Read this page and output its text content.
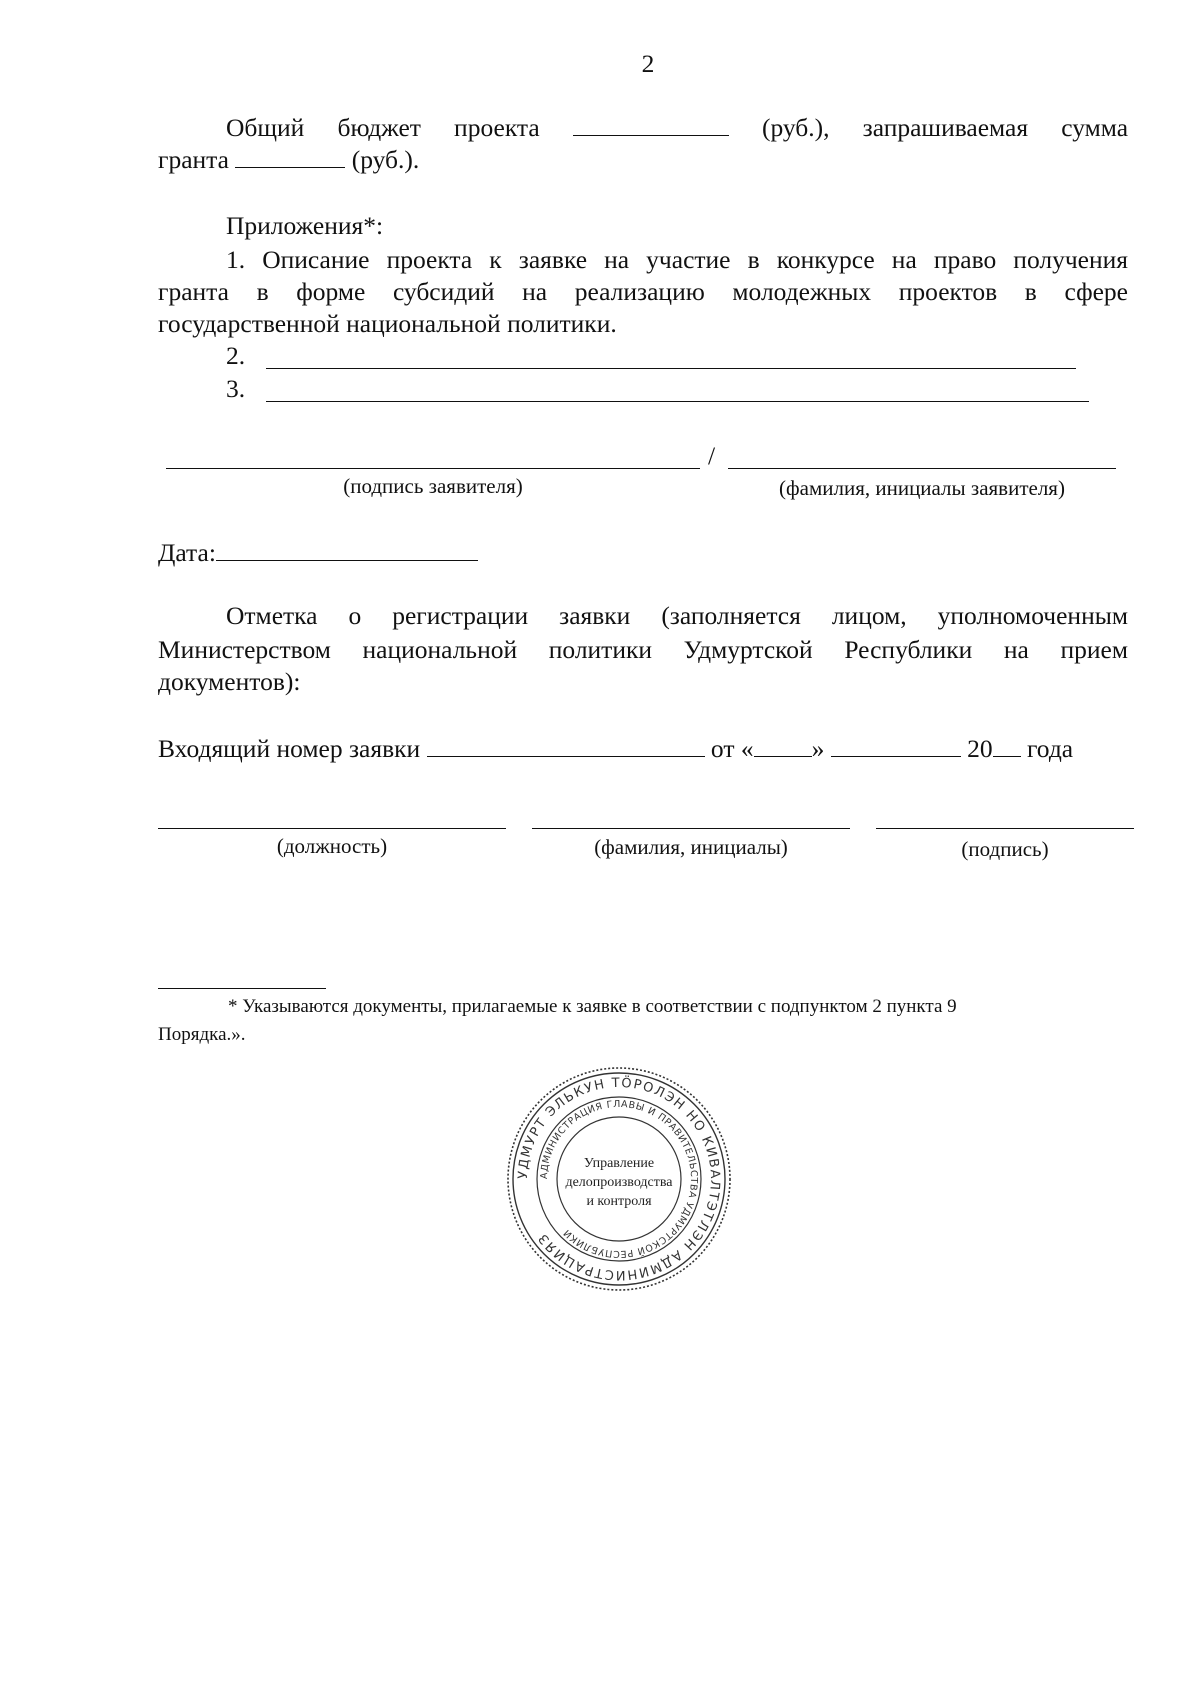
2
Общий бюджет проекта	(руб.), запрашиваемая сумма
гранта	(руб.).
Приложения*:
1. Описание проекта к заявке на участие в конкурсе на право получения
гранта в форме субсидий на реализацию молодежных проектов в сфере
государственной национальной политики.
2.
3.
/
(подпись заявителя)	(фамилия, инициалы заявителя)
Дата:
Отметка о регистрации заявки (заполняется лицом, уполномоченным
Министерством национальной политики Удмуртской Республики на прием
документов):
Входящий номер заявки	от « »	20 года
(должность)	(фамилия, инициалы)	(подпись)
* Указываются документы, прилагаемые к заявке в соответствии с подпунктом 2 пункта 9
Порядка.».
УДМУРТ ЭЛЬКУН ТӦРОЛЭН НО КИВАЛТЭТЛЭН АДМИНИСТРАЦИЯЗ
АДМИНИСТРАЦИЯ ГЛАВЫ И ПРАВИТЕЛЬСТВА УДМУРТСКОЙ РЕСПУБЛИКИ
Управление
делопроизводства
и контроля
